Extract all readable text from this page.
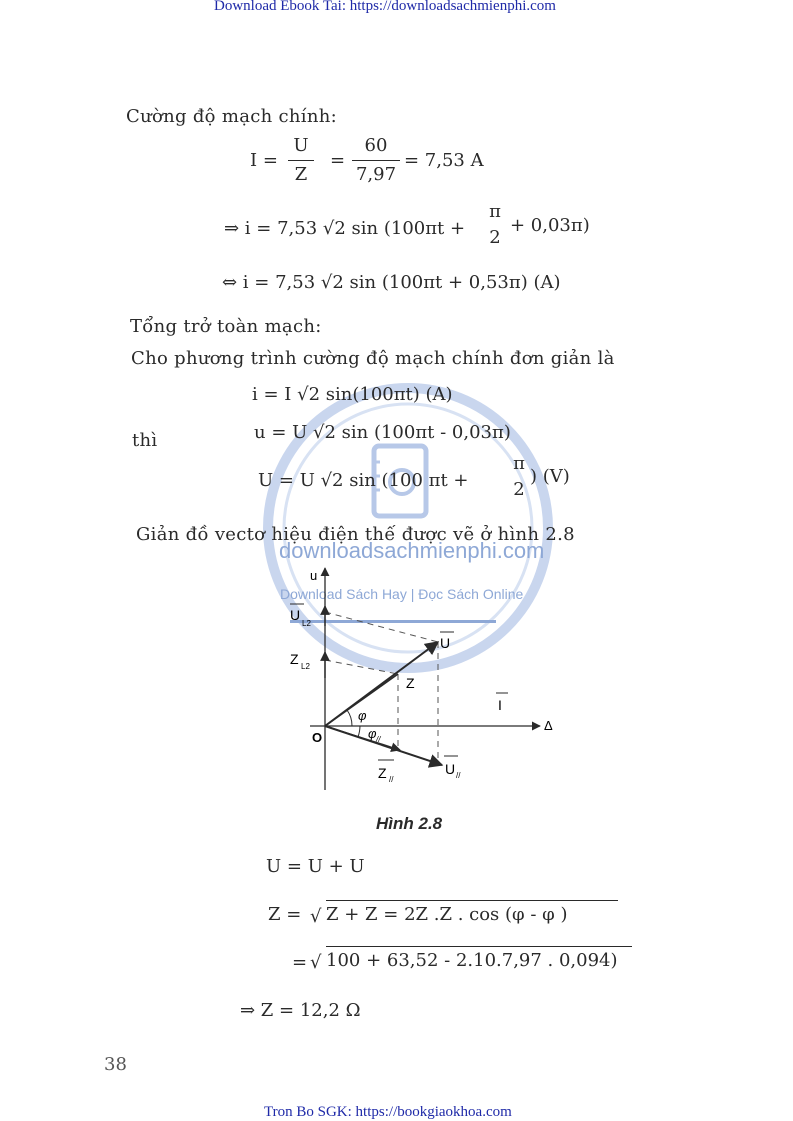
Download Ebook Tai: https://downloadsachmienphi.com
Tron Bo SGK: https://bookgiaokhoa.com
downloadsachmienphi.com
Download Sách Hay | Đọc Sách Online
Cường độ mạch chính:
I =
U
Z
=
60
7,97
= 7,53 A
⇒ i = 7,53 √2 sin (100πt +
π
2
+ 0,03π)
⇔ i = 7,53 √2 sin (100πt + 0,53π) (A)
Tổng trở toàn mạch:
Cho phương trình cường độ mạch chính đơn giản là
i = I √2 sin(100πt) (A)
thì	u = U √2 sin (100πt - 0,03π)
U = U √2 sin (100 πt +
π
2
) (V)
Giản đồ vectơ hiệu điện thế được vẽ ở hình 2.8
u
Δ
O
U
L2
Z L2
U
Z
I
φ
φ //
Z //
U //
Hình 2.8
U = U + U
Z = √ Z + Z = 2Z .Z . cos (φ - φ )
= √ 100 + 63,52 - 2.10.7,97 . 0,094)
⇒ Z = 12,2 Ω
38
